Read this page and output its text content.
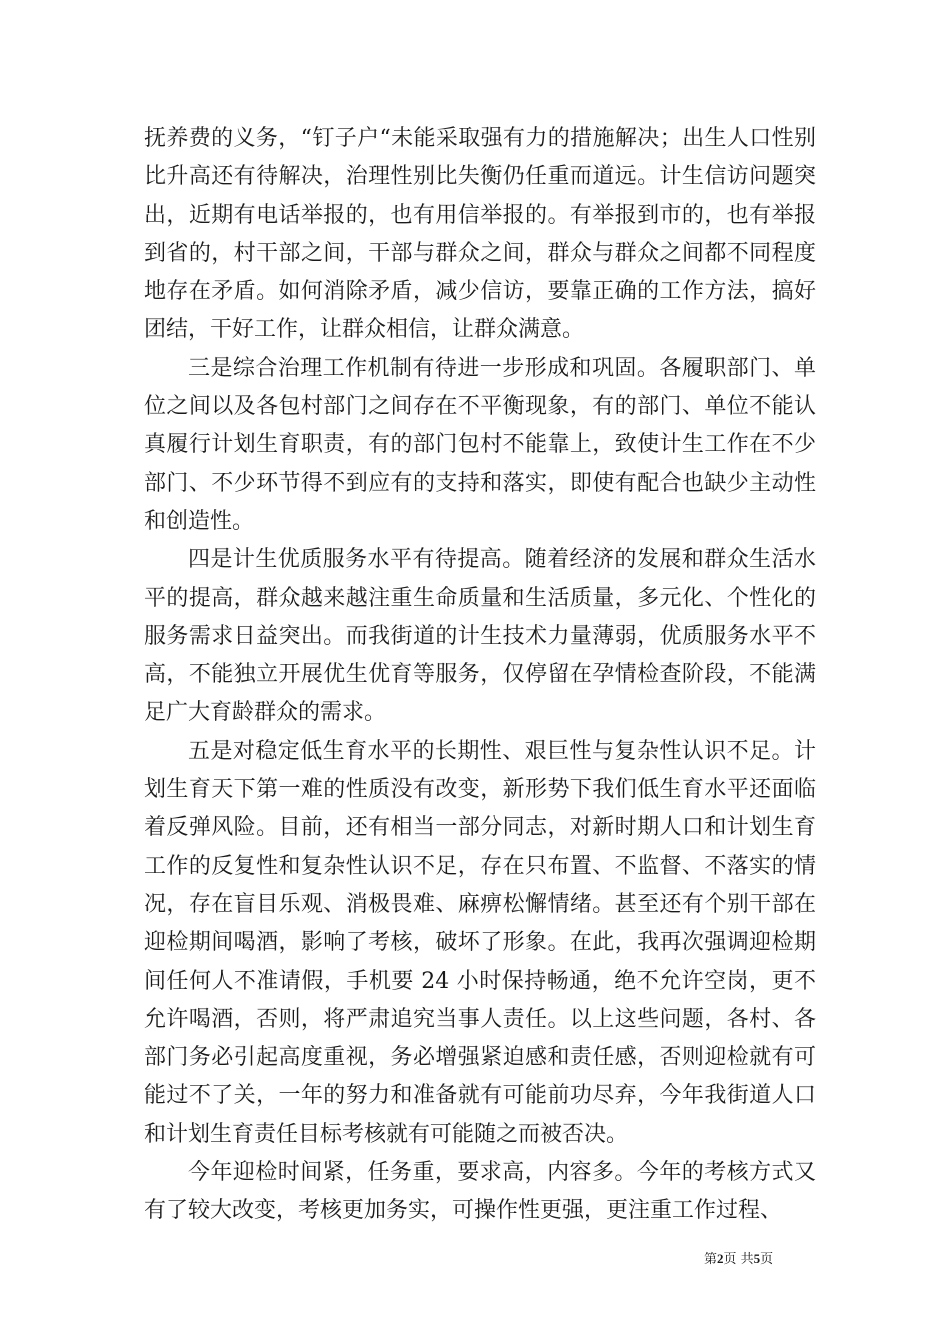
抚养费的义务，“钉子户“未能采取强有力的措施解决；出生人口性别比升高还有待解决，治理性别比失衡仍任重而道远。计生信访问题突出，近期有电话举报的，也有用信举报的。有举报到市的，也有举报到省的，村干部之间，干部与群众之间，群众与群众之间都不同程度地存在矛盾。如何消除矛盾，减少信访，要靠正确的工作方法，搞好团结，干好工作，让群众相信，让群众满意。

三是综合治理工作机制有待进一步形成和巩固。各履职部门、单位之间以及各包村部门之间存在不平衡现象，有的部门、单位不能认真履行计划生育职责，有的部门包村不能靠上，致使计生工作在不少部门、不少环节得不到应有的支持和落实，即使有配合也缺少主动性和创造性。

四是计生优质服务水平有待提高。随着经济的发展和群众生活水平的提高，群众越来越注重生命质量和生活质量，多元化、个性化的服务需求日益突出。而我街道的计生技术力量薄弱，优质服务水平不高，不能独立开展优生优育等服务，仅停留在孕情检查阶段，不能满足广大育龄群众的需求。

五是对稳定低生育水平的长期性、艰巨性与复杂性认识不足。计划生育天下第一难的性质没有改变，新形势下我们低生育水平还面临着反弹风险。目前，还有相当一部分同志，对新时期人口和计划生育工作的反复性和复杂性认识不足，存在只布置、不监督、不落实的情况，存在盲目乐观、消极畏难、麻痹松懈情绪。甚至还有个别干部在迎检期间喝酒，影响了考核，破坏了形象。在此，我再次强调迎检期间任何人不准请假，手机要 24 小时保持畅通，绝不允许空岗，更不允许喝酒，否则，将严肃追究当事人责任。以上这些问题，各村、各部门务必引起高度重视，务必增强紧迫感和责任感，否则迎检就有可能过不了关，一年的努力和准备就有可能前功尽弃，今年我街道人口和计划生育责任目标考核就有可能随之而被否决。

今年迎检时间紧，任务重，要求高，内容多。今年的考核方式又有了较大改变，考核更加务实，可操作性更强，更注重工作过程、

第2页 共5页
